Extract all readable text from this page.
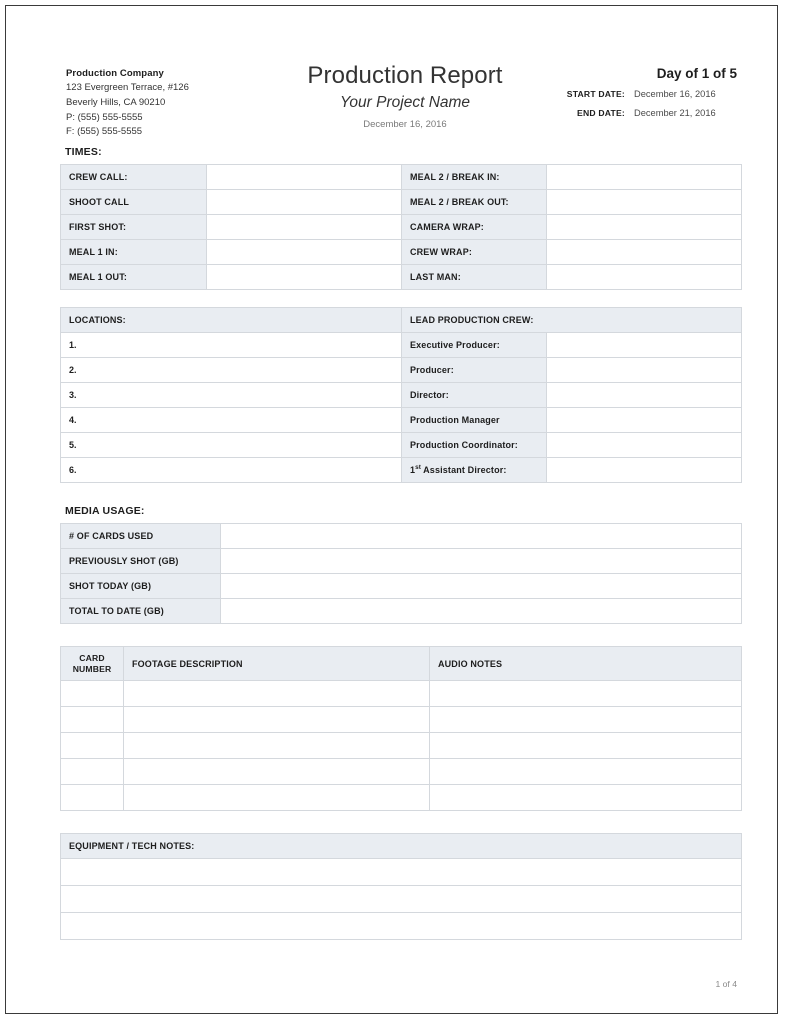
Production Company
123 Evergreen Terrace, #126
Beverly Hills, CA 90210
P: (555) 555-5555
F: (555) 555-5555
Production Report
Your Project Name
December 16, 2016
Day of 1 of 5
START DATE: December 16, 2016
END DATE: December 21, 2016
TIMES:
CREW CALL:		MEAL 2 / BREAK IN:	
SHOOT CALL		MEAL 2 / BREAK OUT:	
FIRST SHOT:		CAMERA WRAP:	
MEAL 1 IN:		CREW WRAP:	
MEAL 1 OUT:		LAST MAN:	
LOCATIONS:	LEAD PRODUCTION CREW:	
1.	Executive Producer:	
2.	Producer:	
3.	Director:	
4.	Production Manager	
5.	Production Coordinator:	
6.	1st Assistant Director:	
MEDIA USAGE:
# OF CARDS USED	
PREVIOUSLY SHOT (GB)	
SHOT TODAY (GB)	
TOTAL TO DATE (GB)	
CARD NUMBER	FOOTAGE DESCRIPTION	AUDIO NOTES

EQUIPMENT / TECH NOTES:

1 of 4
